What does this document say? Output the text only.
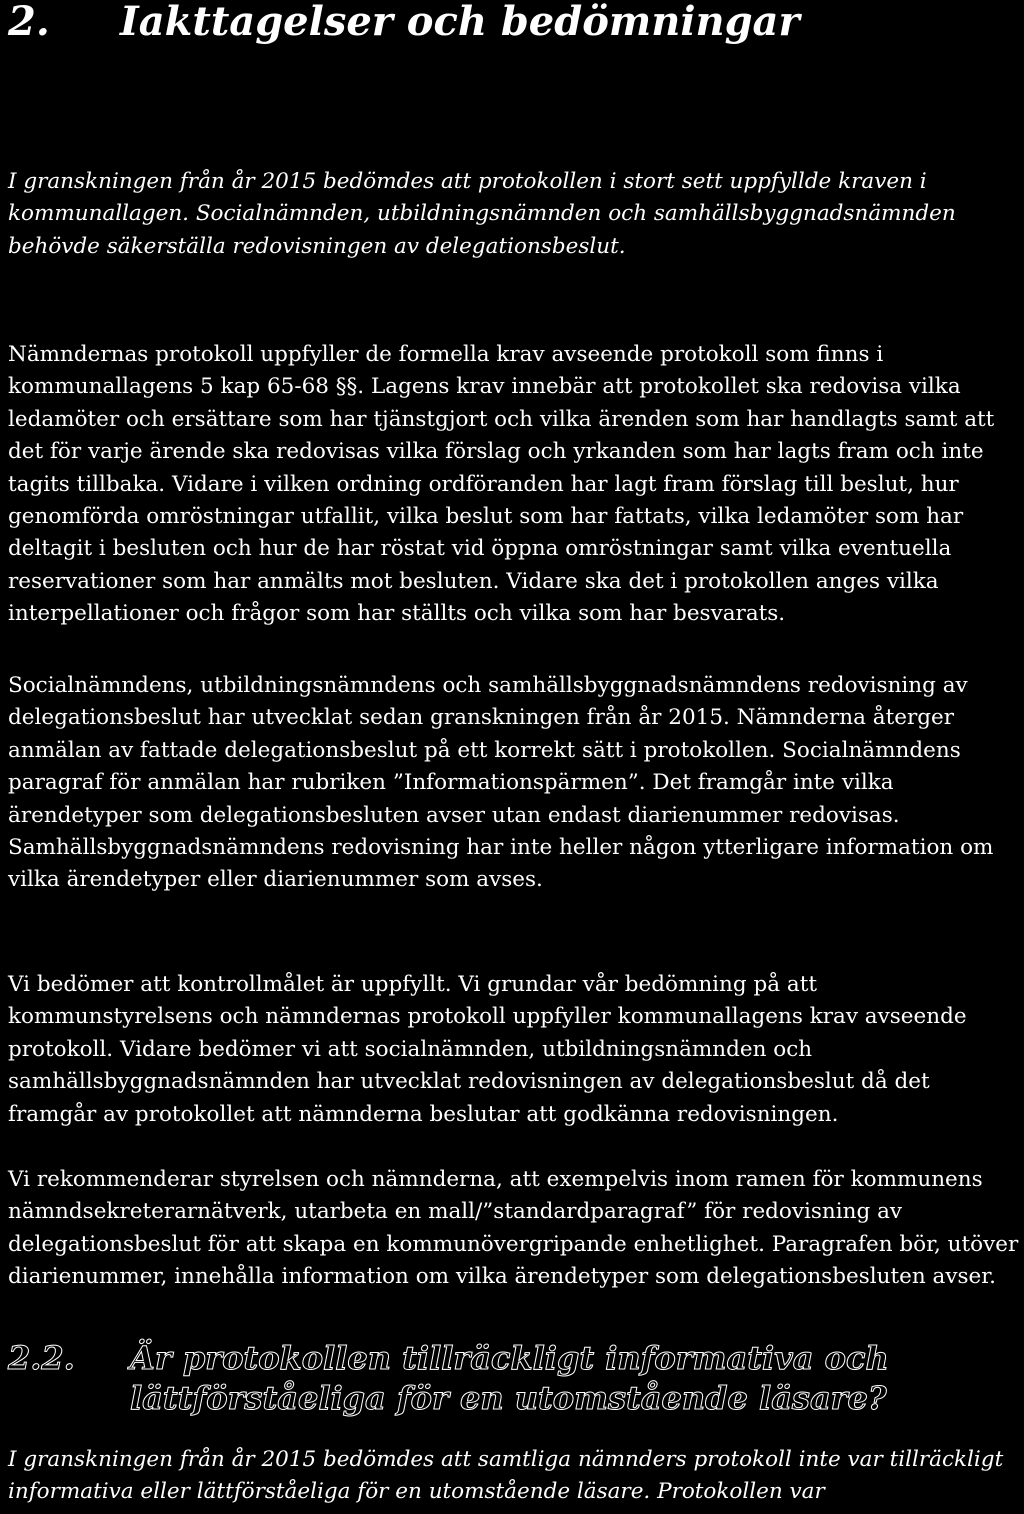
2. Iakttagelser och bedömningar

I granskningen från år 2015 bedömdes att protokollen i stort sett uppfyllde kraven i kommunallagen. Socialnämnden, utbildningsnämnden och samhällsbyggnadsnämnden behövde säkerställa redovisningen av delegationsbeslut.

Nämndernas protokoll uppfyller de formella krav avseende protokoll som finns i kommunallagens 5 kap 65-68 §§. Lagens krav innebär att protokollet ska redovisa vilka ledamöter och ersättare som har tjänstgjort och vilka ärenden som har handlagts samt att det för varje ärende ska redovisas vilka förslag och yrkanden som har lagts fram och inte tagits tillbaka. Vidare i vilken ordning ordföranden har lagt fram förslag till beslut, hur genomförda omröstningar utfallit, vilka beslut som har fattats, vilka ledamöter som har deltagit i besluten och hur de har röstat vid öppna omröstningar samt vilka eventuella reservationer som har anmälts mot besluten. Vidare ska det i protokollen anges vilka interpellationer och frågor som har ställts och vilka som har besvarats.

Socialnämndens, utbildningsnämndens och samhällsbyggnadsnämndens redovisning av delegationsbeslut har utvecklat sedan granskningen från år 2015. Nämnderna återger anmälan av fattade delegationsbeslut på ett korrekt sätt i protokollen. Socialnämndens paragraf för anmälan har rubriken ”Informationspärmen”. Det framgår inte vilka ärendetyper som delegationsbesluten avser utan endast diarienummer redovisas. Samhällsbyggnadsnämndens redovisning har inte heller någon ytterligare information om vilka ärendetyper eller diarienummer som avses.

Vi bedömer att kontrollmålet är uppfyllt. Vi grundar vår bedömning på att kommunstyrelsens och nämndernas protokoll uppfyller kommunallagens krav avseende protokoll. Vidare bedömer vi att socialnämnden, utbildningsnämnden och samhällsbyggnadsnämnden har utvecklat redovisningen av delegationsbeslut då det framgår av protokollet att nämnderna beslutar att godkänna redovisningen.

Vi rekommenderar styrelsen och nämnderna, att exempelvis inom ramen för kommunens nämndsekreterarnätverk, utarbeta en mall/”standardparagraf” för redovisning av delegationsbeslut för att skapa en kommunövergripande enhetlighet. Paragrafen bör, utöver diarienummer, innehålla information om vilka ärendetyper som delegationsbesluten avser.

2.2. Är protokollen tillräckligt informativa och
lättförståeliga för en utomstående läsare?

I granskningen från år 2015 bedömdes att samtliga nämnders protokoll inte var tillräckligt informativa eller lättförståeliga för en utomstående läsare. Protokollen var
